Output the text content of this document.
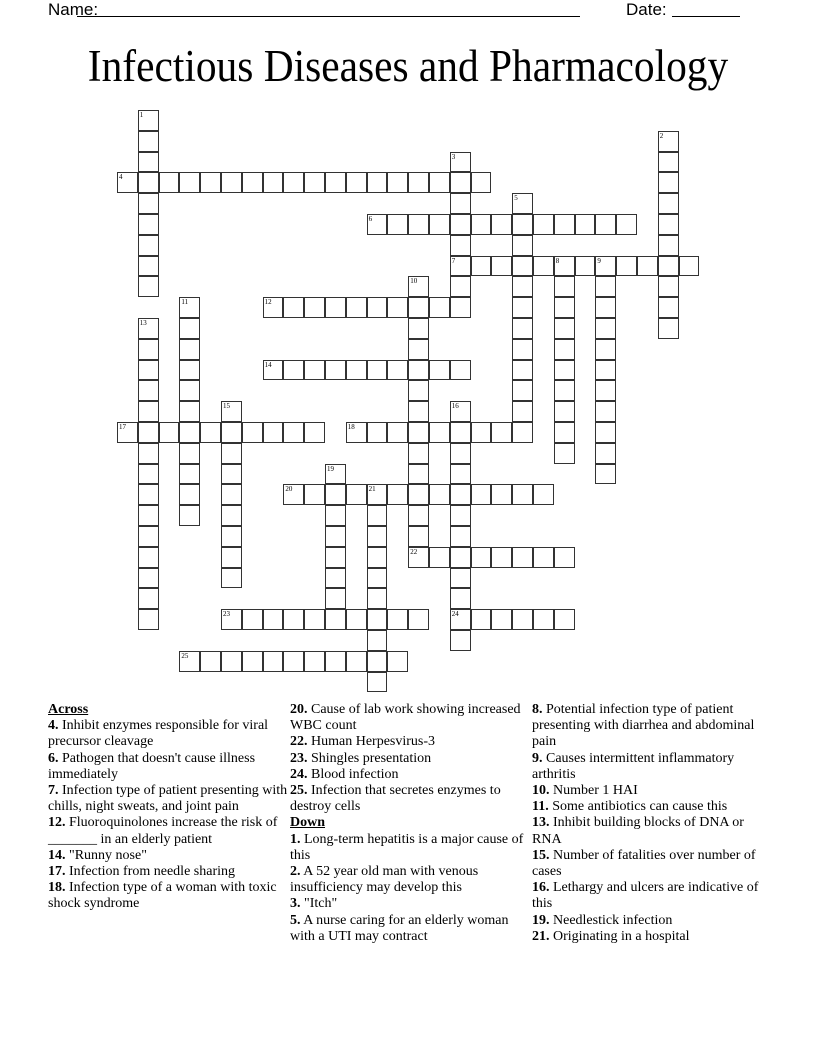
Name:	Date:
Infectious Diseases and Pharmacology
1
2
3
7
4
5
6
8	9
10
22
11	12
13
14
15	16
24
17	18
19
20	21
23
25
Across
4. Inhibit enzymes responsible for viral precursor cleavage
6. Pathogen that doesn't cause illness immediately
7. Infection type of patient presenting with chills, night sweats, and joint pain
12. Fluoroquinolones increase the risk of _______ in an elderly patient
14. "Runny nose"
17. Infection from needle sharing
18. Infection type of a woman with toxic shock syndrome
20. Cause of lab work showing increased WBC count
22. Human Herpesvirus-3
23. Shingles presentation
24. Blood infection
25. Infection that secretes enzymes to destroy cells
Down
1. Long-term hepatitis is a major cause of this
2. A 52 year old man with venous insufficiency may develop this
3. "Itch"
5. A nurse caring for an elderly woman with a UTI may contract
8. Potential infection type of patient presenting with diarrhea and abdominal pain
9. Causes intermittent inflammatory arthritis
10. Number 1 HAI
11. Some antibiotics can cause this
13. Inhibit building blocks of DNA or RNA
15. Number of fatalities over number of cases
16. Lethargy and ulcers are indicative of this
19. Needlestick infection
21. Originating in a hospital
